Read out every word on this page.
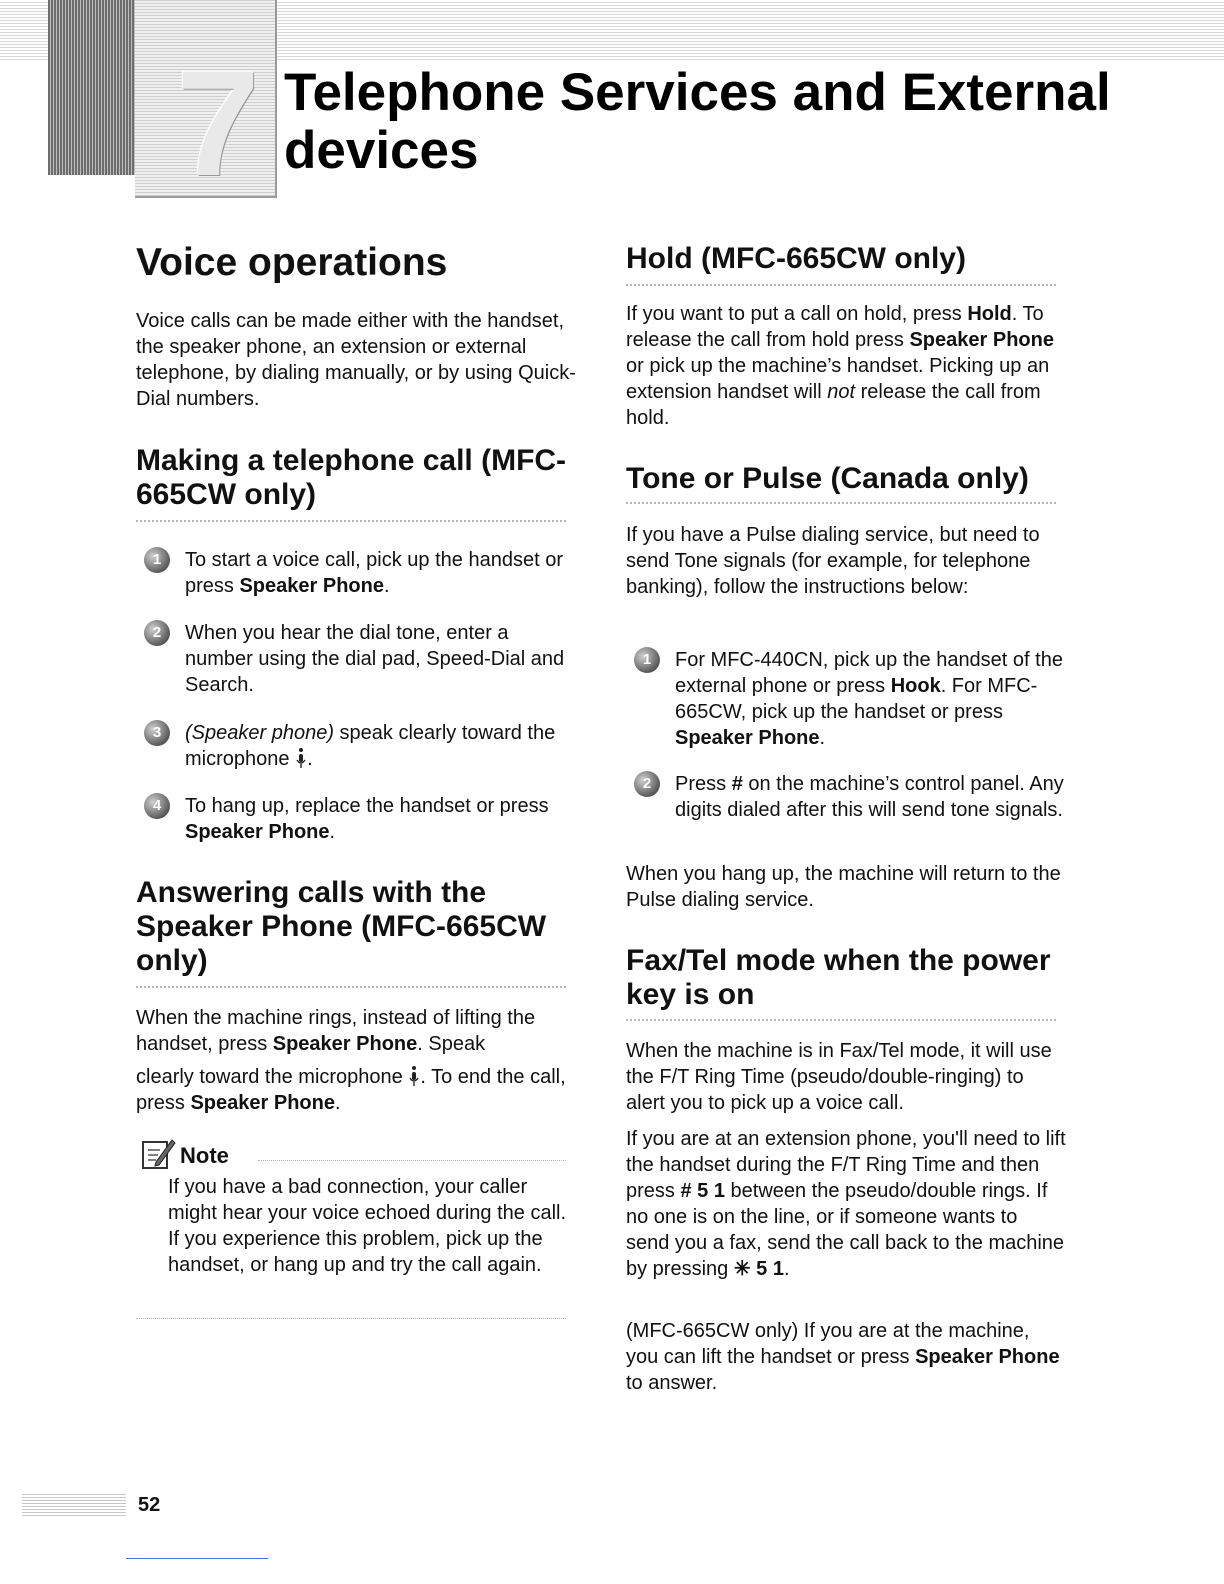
7 Telephone Services and External devices
Voice operations

Voice calls can be made either with the handset, the speaker phone, an extension or external telephone, by dialing manually, or by using Quick-Dial numbers.

Making a telephone call (MFC-665CW only)
1	To start a voice call, pick up the handset or press Speaker Phone.

2	When you hear the dial tone, enter a number using the dial pad, Speed-Dial and Search.

3	(Speaker phone) speak clearly toward the microphone .

4	To hang up, replace the handset or press Speaker Phone.

Answering calls with the Speaker Phone (MFC-665CW only)

When the machine rings, instead of lifting the handset, press Speaker Phone. Speak

clearly toward the microphone . To end the call, press Speaker Phone.

Note

If you have a bad connection, your caller might hear your voice echoed during the call. If you experience this problem, pick up the handset, or hang up and try the call again.

Hold (MFC-665CW only)

If you want to put a call on hold, press Hold. To release the call from hold press Speaker Phone or pick up the machine’s handset. Picking up an extension handset will not release the call from hold.

Tone or Pulse (Canada only)

If you have a Pulse dialing service, but need to send Tone signals (for example, for telephone banking), follow the instructions below:

1	For MFC-440CN, pick up the handset of the external phone or press Hook. For MFC-665CW, pick up the handset or press Speaker Phone.

2	Press # on the machine’s control panel. Any digits dialed after this will send tone signals.

When you hang up, the machine will return to the Pulse dialing service.

Fax/Tel mode when the power key is on

When the machine is in Fax/Tel mode, it will use the F/T Ring Time (pseudo/double-ringing) to alert you to pick up a voice call.

If you are at an extension phone, you'll need to lift the handset during the F/T Ring Time and then press # 5 1 between the pseudo/double rings. If no one is on the line, or if someone wants to send you a fax, send the call back to the machine by pressing ✳ 5 1.

(MFC-665CW only) If you are at the machine, you can lift the handset or press Speaker Phone to answer.

52
